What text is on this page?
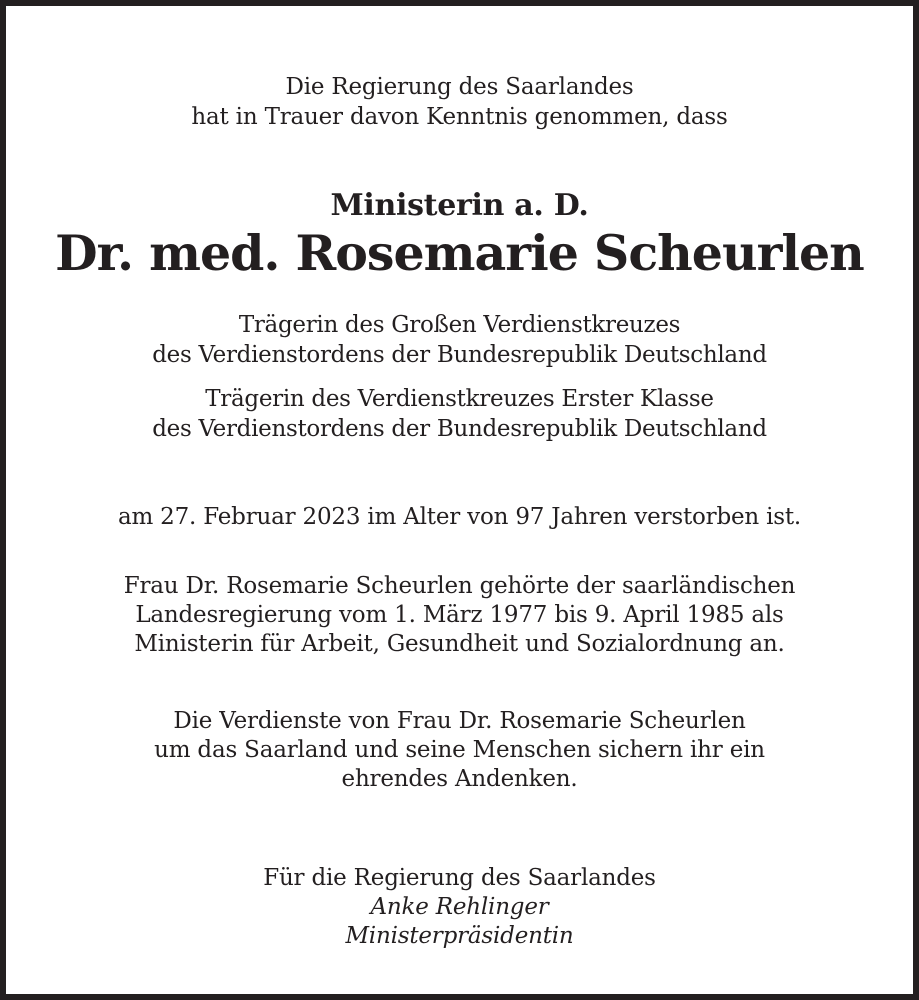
Die Regierung des Saarlandes
hat in Trauer davon Kenntnis genommen, dass
Ministerin a. D.
Dr. med. Rosemarie Scheurlen
Trägerin des Großen Verdienstkreuzes
des Verdienstordens der Bundesrepublik Deutschland
Trägerin des Verdienstkreuzes Erster Klasse
des Verdienstordens der Bundesrepublik Deutschland
am 27. Februar 2023 im Alter von 97 Jahren verstorben ist.
Frau Dr. Rosemarie Scheurlen gehörte der saarländischen
Landesregierung vom 1. März 1977 bis 9. April 1985 als
Ministerin für Arbeit, Gesundheit und Sozialordnung an.
Die Verdienste von Frau Dr. Rosemarie Scheurlen
um das Saarland und seine Menschen sichern ihr ein
ehrendes Andenken.
Für die Regierung des Saarlandes
Anke Rehlinger
Ministerpräsidentin
